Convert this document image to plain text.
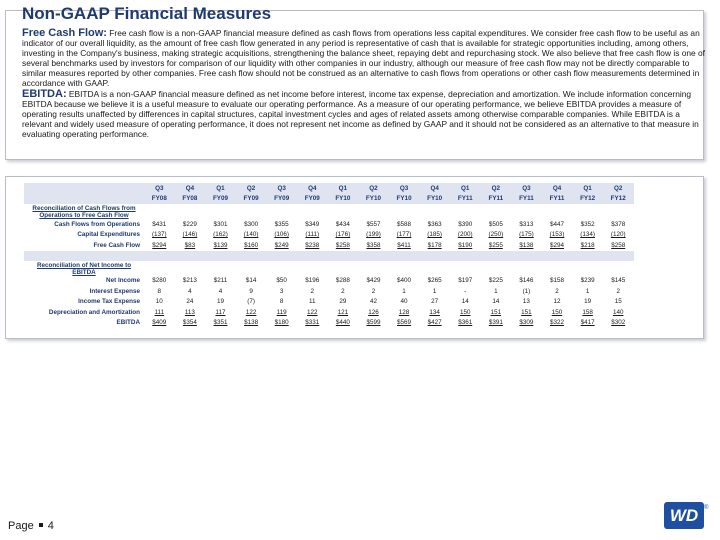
Non-GAAP Financial Measures

Free Cash Flow: Free cash flow is a non-GAAP financial measure defined as cash flows from operations less capital expenditures. We consider free cash flow to be useful as an indicator of our overall liquidity, as the amount of free cash flow generated in any period is representative of cash that is available for strategic opportunities including, among others, investing in the Company's business, making strategic acquisitions, strengthening the balance sheet, repaying debt and repurchasing stock. We also believe that free cash flow is one of several benchmarks used by investors for comparison of our liquidity with other companies in our industry, although our measure of free cash flow may not be directly comparable to similar measures reported by other companies. Free cash flow should not be construed as an alternative to cash flows from operations or other cash flow measurements determined in accordance with GAAP.

EBITDA: EBITDA is a non-GAAP financial measure defined as net income before interest, income tax expense, depreciation and amortization. We include information concerning EBITDA because we believe it is a useful measure to evaluate our operating performance. As a measure of our operating performance, we believe EBITDA provides a measure of operating results unaffected by differences in capital structures, capital investment cycles and ages of related assets among otherwise comparable companies. While EBITDA is a relevant and widely used measure of operating performance, it does not represent net income as defined by GAAP and it should not be considered as an alternative to that measure in evaluating operating performance.

	Q3	Q4	Q1	Q2	Q3	Q4	Q1	Q2	Q3	Q4	Q1	Q2	Q3	Q4	Q1	Q2
	FY08	FY08	FY09	FY09	FY09	FY09	FY10	FY10	FY10	FY10	FY11	FY11	FY11	FY11	FY12	FY12
Reconciliation of Cash Flows from Operations to Free Cash Flow																
Cash Flows from Operations	$431	$229	$301	$300	$355	$349	$434	$557	$588	$363	$390	$505	$313	$447	$352	$378
Capital Expenditures	(137)	(146)	(162)	(140)	(106)	(111)	(176)	(199)	(177)	(185)	(200)	(250)	(175)	(153)	(134)	(120)
Free Cash Flow	$294	$83	$139	$160	$249	$238	$258	$358	$411	$178	$190	$255	$138	$294	$218	$258

Reconciliation of Net Income to EBITDA																
Net Income	$280	$213	$211	$14	$50	$196	$288	$429	$400	$265	$197	$225	$146	$158	$239	$145
Interest Expense	8	4	4	9	3	2	2	2	1	1	-	1	(1)	2	1	2
Income Tax Expense	10	24	19	(7)	8	11	29	42	40	27	14	14	13	12	19	15
Depreciation and Amortization	111	113	117	122	119	122	121	126	128	134	150	151	151	150	158	140
EBITDA	$409	$354	$351	$138	$180	$331	$440	$599	$569	$427	$361	$391	$309	$322	$417	$302
Page 4
WD ®
